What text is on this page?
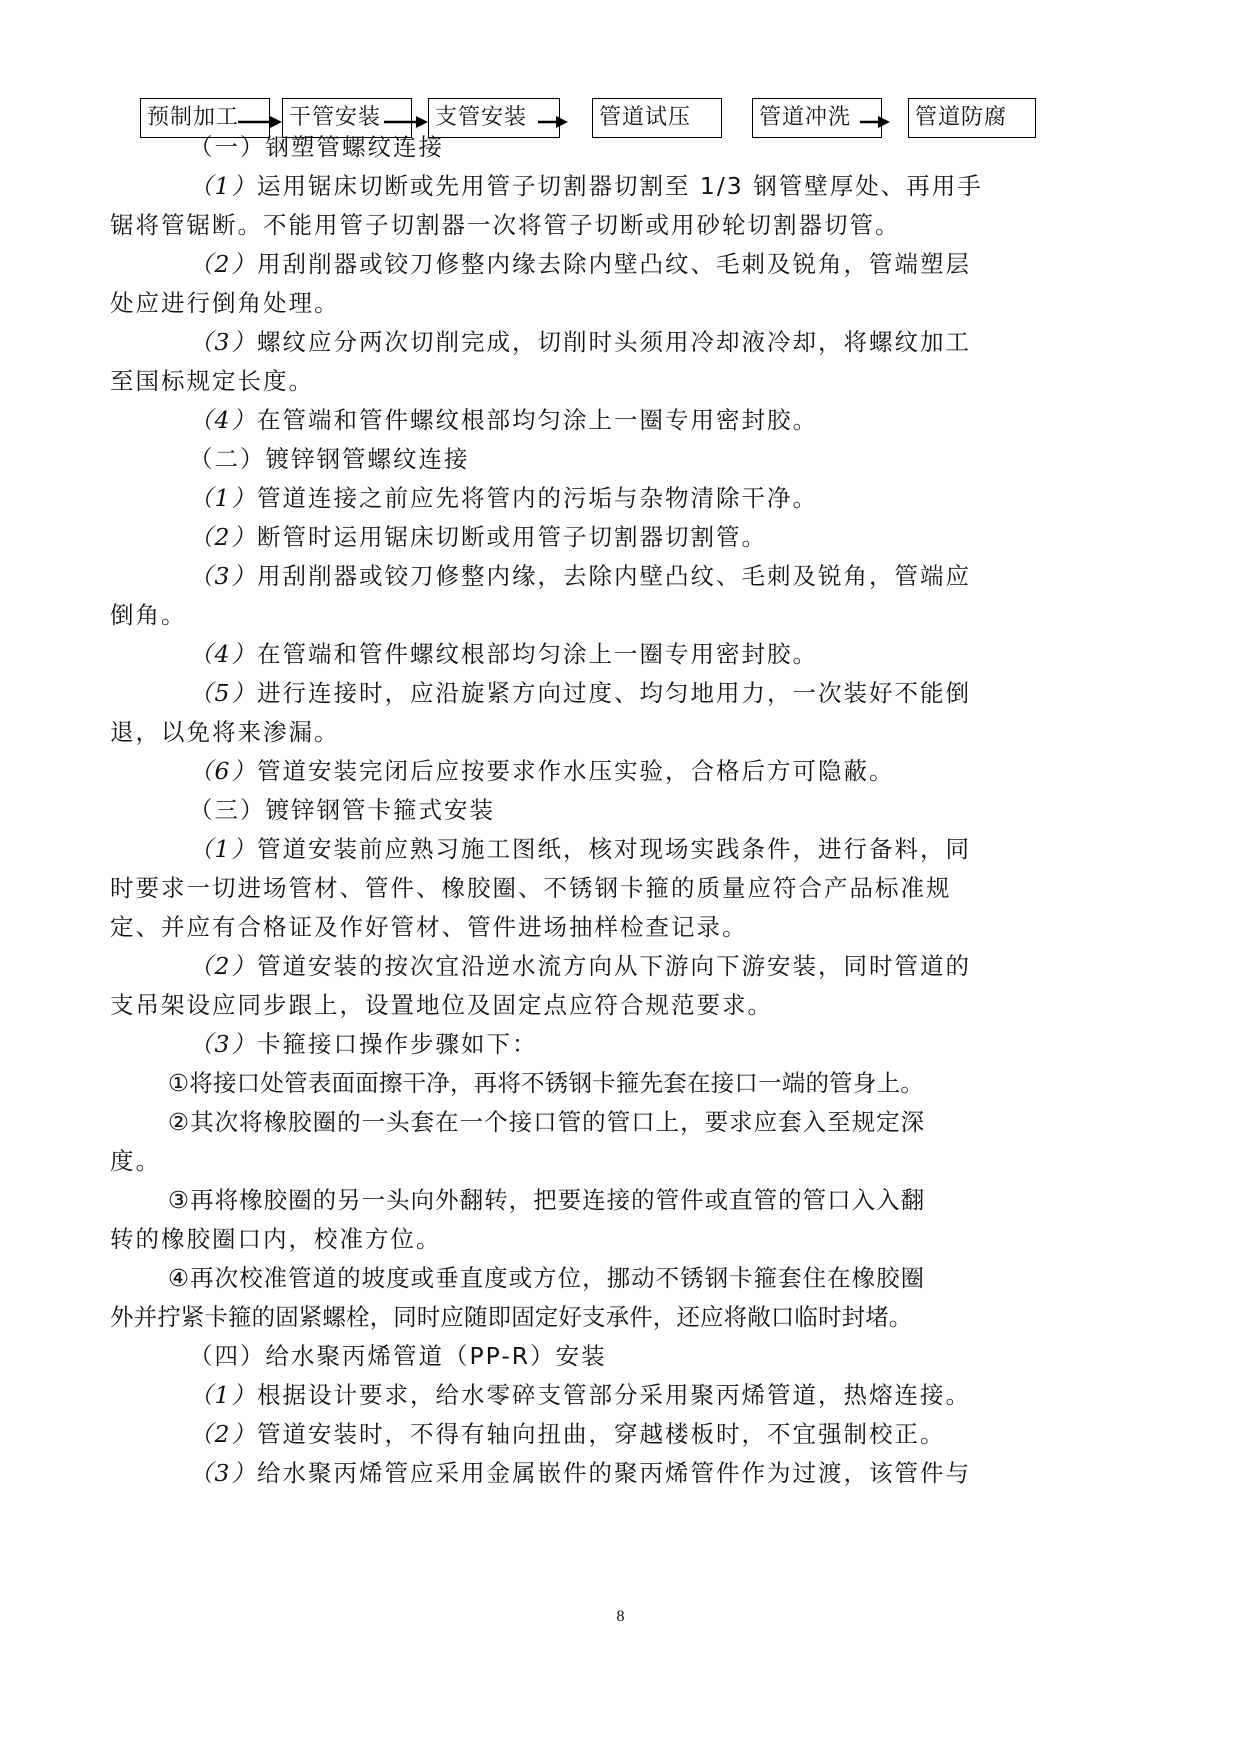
预制加工	干管安装	支管安装	管道试压	管道冲洗	管道防腐
（一）钢塑管螺纹连接
（1）运用锯床切断或先用管子切割器切割至 1/3 钢管壁厚处、再用手
锯将管锯断。不能用管子切割器一次将管子切断或用砂轮切割器切管。
（2）用刮削器或铰刀修整内缘去除内壁凸纹、毛刺及锐角，管端塑层
处应进行倒角处理。
（3）螺纹应分两次切削完成，切削时头须用冷却液冷却，将螺纹加工
至国标规定长度。
（4）在管端和管件螺纹根部均匀涂上一圈专用密封胶。
（二）镀锌钢管螺纹连接
（1）管道连接之前应先将管内的污垢与杂物清除干净。
（2）断管时运用锯床切断或用管子切割器切割管。
（3）用刮削器或铰刀修整内缘，去除内壁凸纹、毛刺及锐角，管端应
倒角。
（4）在管端和管件螺纹根部均匀涂上一圈专用密封胶。
（5）进行连接时，应沿旋紧方向过度、均匀地用力，一次装好不能倒
退，以免将来渗漏。
（6）管道安装完闭后应按要求作水压实验，合格后方可隐蔽。
（三）镀锌钢管卡箍式安装
（1）管道安装前应熟习施工图纸，核对现场实践条件，进行备料，同
时要求一切进场管材、管件、橡胶圈、不锈钢卡箍的质量应符合产品标准规
定、并应有合格证及作好管材、管件进场抽样检查记录。
（2）管道安装的按次宜沿逆水流方向从下游向下游安装，同时管道的
支吊架设应同步跟上，设置地位及固定点应符合规范要求。
（3）卡箍接口操作步骤如下：
①将接口处管表面面擦干净，再将不锈钢卡箍先套在接口一端的管身上。
②其次将橡胶圈的一头套在一个接口管的管口上，要求应套入至规定深
度。
③再将橡胶圈的另一头向外翻转，把要连接的管件或直管的管口入入翻
转的橡胶圈口内，校准方位。
④再次校准管道的坡度或垂直度或方位，挪动不锈钢卡箍套住在橡胶圈
外并拧紧卡箍的固紧螺栓，同时应随即固定好支承件，还应将敞口临时封堵。
（四）给水聚丙烯管道（PP-R）安装
（1）根据设计要求，给水零碎支管部分采用聚丙烯管道，热熔连接。
（2）管道安装时，不得有轴向扭曲，穿越楼板时，不宜强制校正。
（3）给水聚丙烯管应采用金属嵌件的聚丙烯管件作为过渡，该管件与
8
